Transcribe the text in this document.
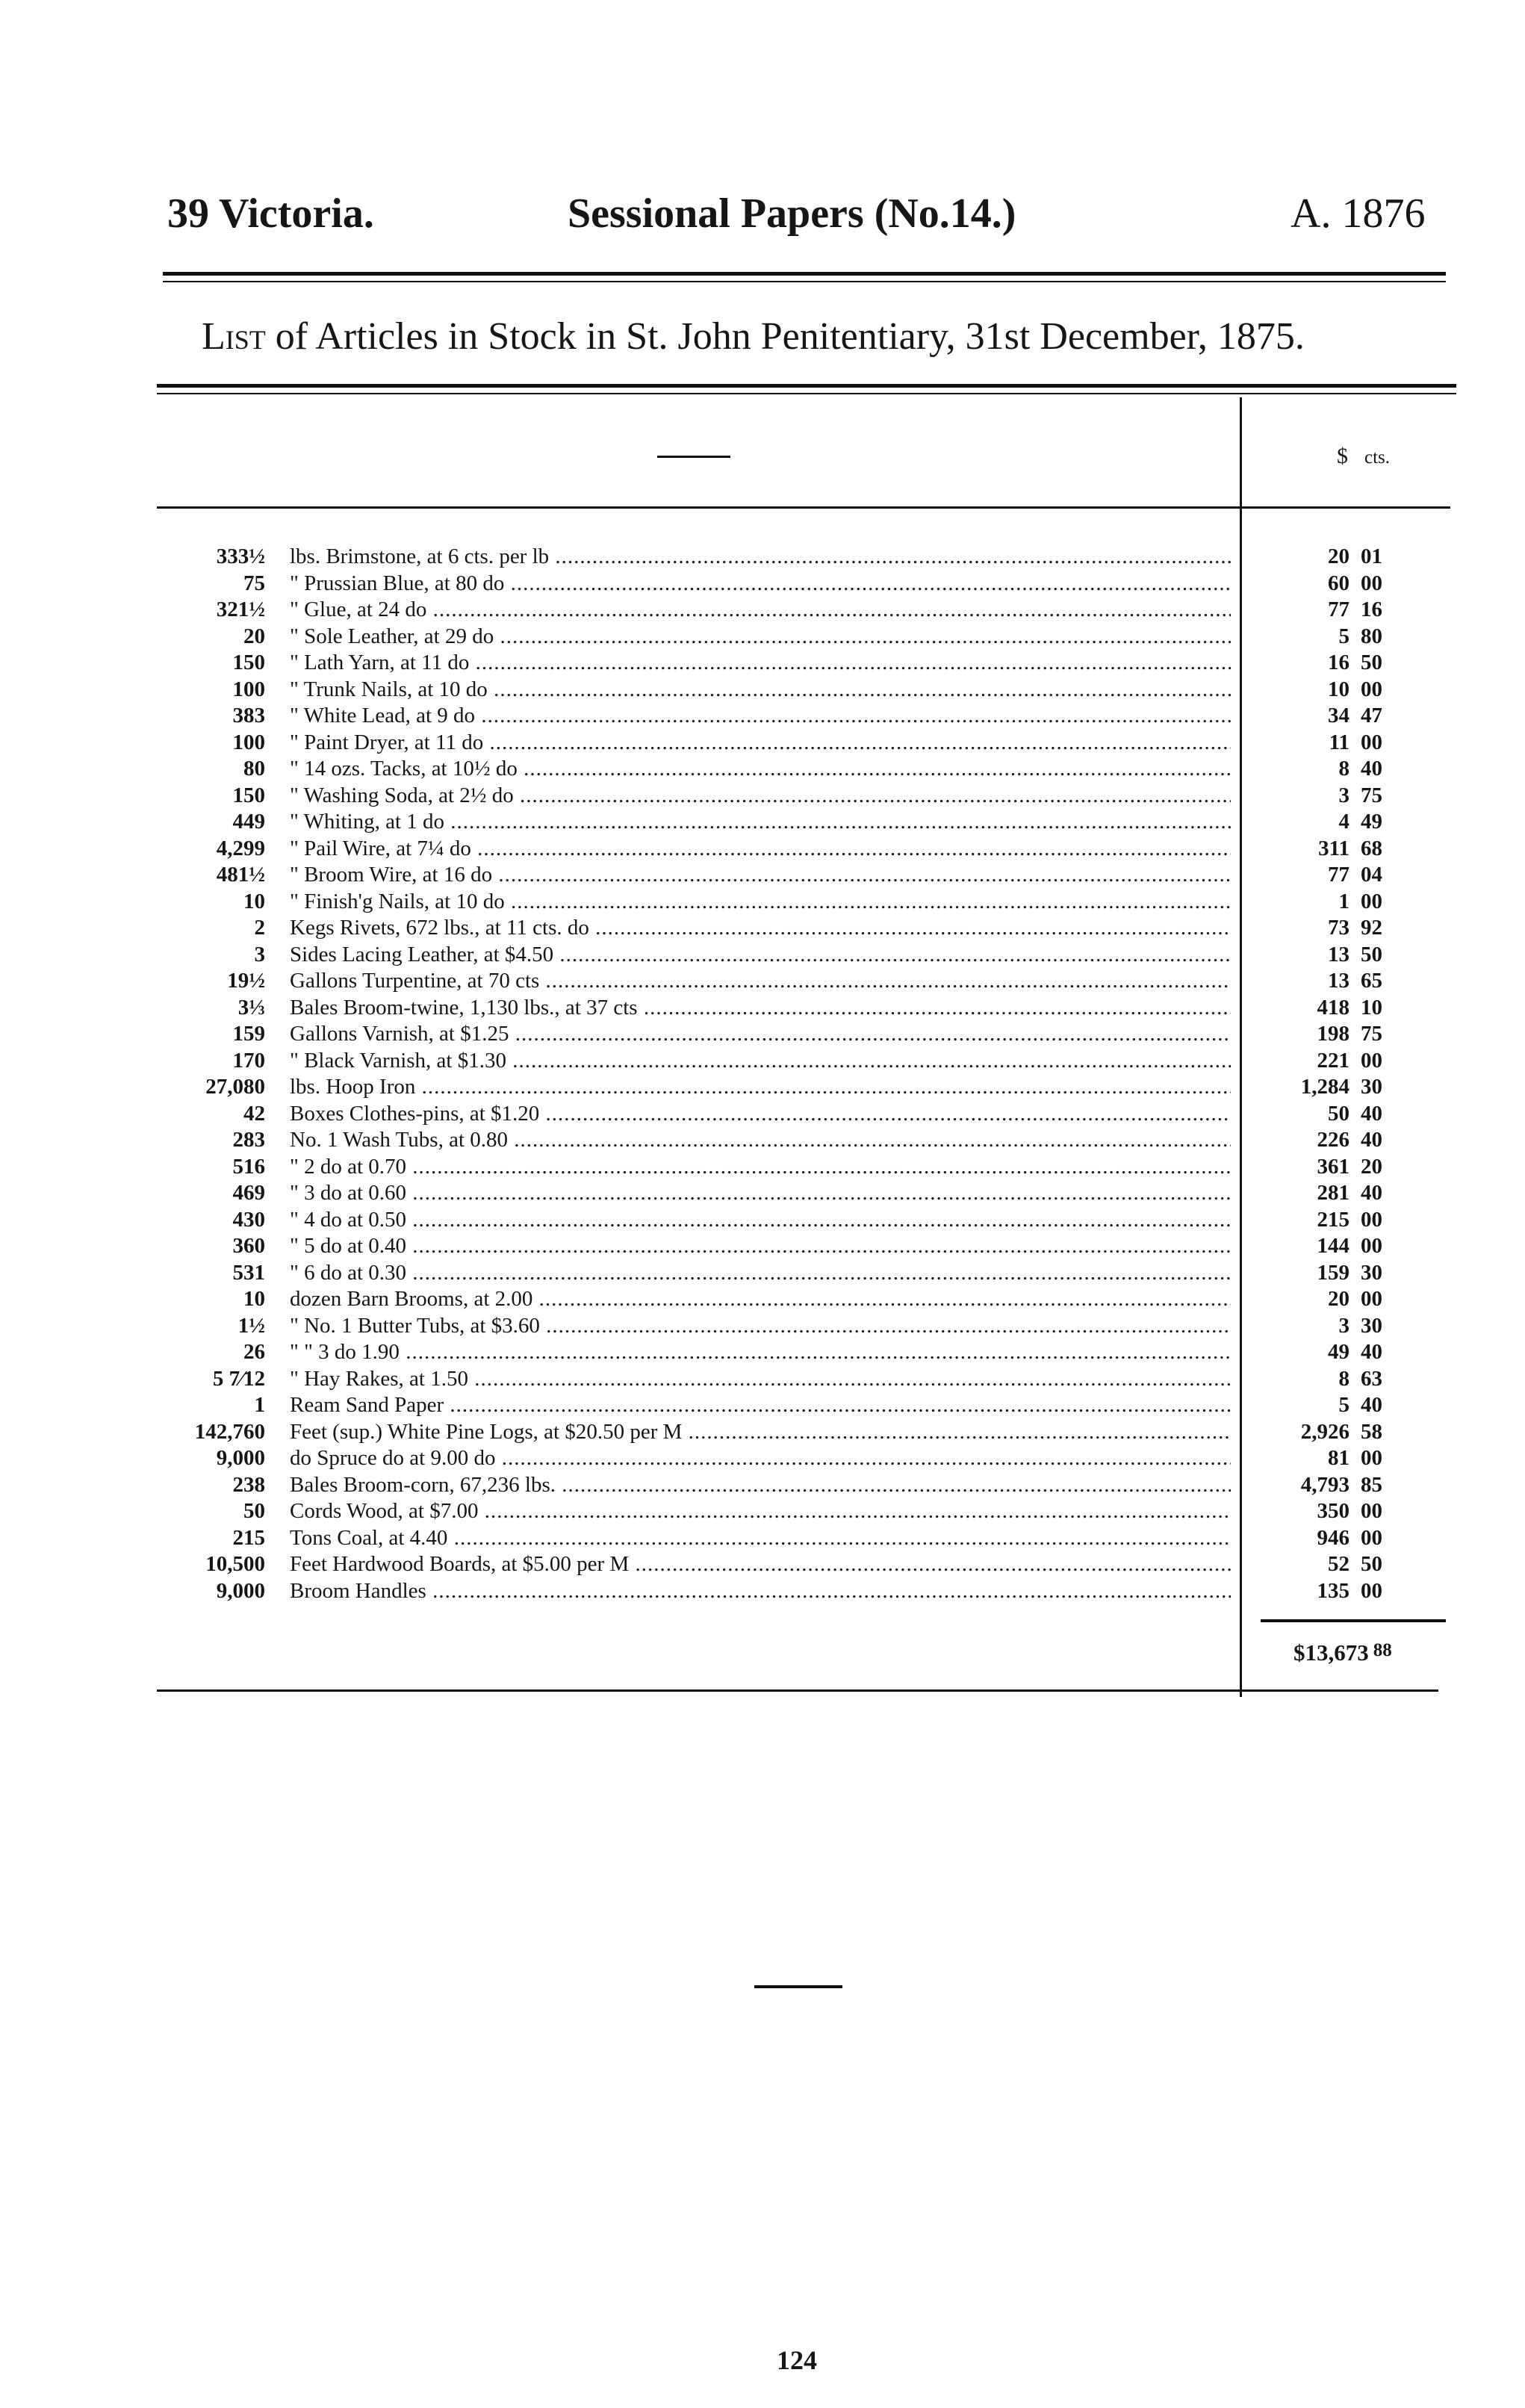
39 Victoria.	Sessional Papers (No.14.)	A. 1876
List of Articles in Stock in St. John Penitentiary, 31st December, 1875.
$ cts.
333½ lbs. Brimstone, at 6 cts. per lb .....	20 01
75 " Prussian Blue, at 80 do .....	60 00
321½ " Glue, at 24 do .....	77 16
20 " Sole Leather, at 29 do .....	5 80
150 " Lath Yarn, at 11 do .....	16 50
100 " Trunk Nails, at 10 do .....	10 00
383 " White Lead, at 9 do .....	34 47
100 " Paint Dryer, at 11 do .....	11 00
80 " 14 ozs. Tacks, at 10½ do .....	8 40
150 " Washing Soda, at 2½ do .....	3 75
449 " Whiting, at 1 do .....	4 49
4,299 " Pail Wire, at 7¼ do .....	311 68
481½ " Broom Wire, at 16 do .....	77 04
10 " Finish'g Nails, at 10 do .....	1 00
2 Kegs Rivets, 672 lbs., at 11 cts. do .....	73 92
3 Sides Lacing Leather, at $4.50 .....	13 50
19½ Gallons Turpentine, at 70 cts .....	13 65
3⅓ Bales Broom-twine, 1,130 lbs., at 37 cts .....	418 10
159 Gallons Varnish, at $1.25 .....	198 75
170 " Black Varnish, at $1.30 .....	221 00
27,080 lbs. Hoop Iron .....	1,284 30
42 Boxes Clothes-pins, at $1.20 .....	50 40
283 No. 1 Wash Tubs, at 0.80 .....	226 40
516 " 2 do at 0.70 .....	361 20
469 " 3 do at 0.60 .....	281 40
430 " 4 do at 0.50 .....	215 00
360 " 5 do at 0.40 .....	144 00
531 " 6 do at 0.30 .....	159 30
10 dozen Barn Brooms, at 2.00 .....	20 00
1½ " No. 1 Butter Tubs, at $3.60 .....	3 30
26 " " 3 do 1.90 .....	49 40
5 7⁄12 " Hay Rakes, at 1.50 .....	8 63
1 Ream Sand Paper .....	5 40
142,760 Feet (sup.) White Pine Logs, at $20.50 per M .....	2,926 58
9,000 do Spruce do at 9.00 do .....	81 00
238 Bales Broom-corn, 67,236 lbs. .....	4,793 85
50 Cords Wood, at $7.00 .....	350 00
215 Tons Coal, at 4.40 .....	946 00
10,500 Feet Hardwood Boards, at $5.00 per M .....	52 50
9,000 Broom Handles .....	135 00
$13,673 $^{88}$
124
